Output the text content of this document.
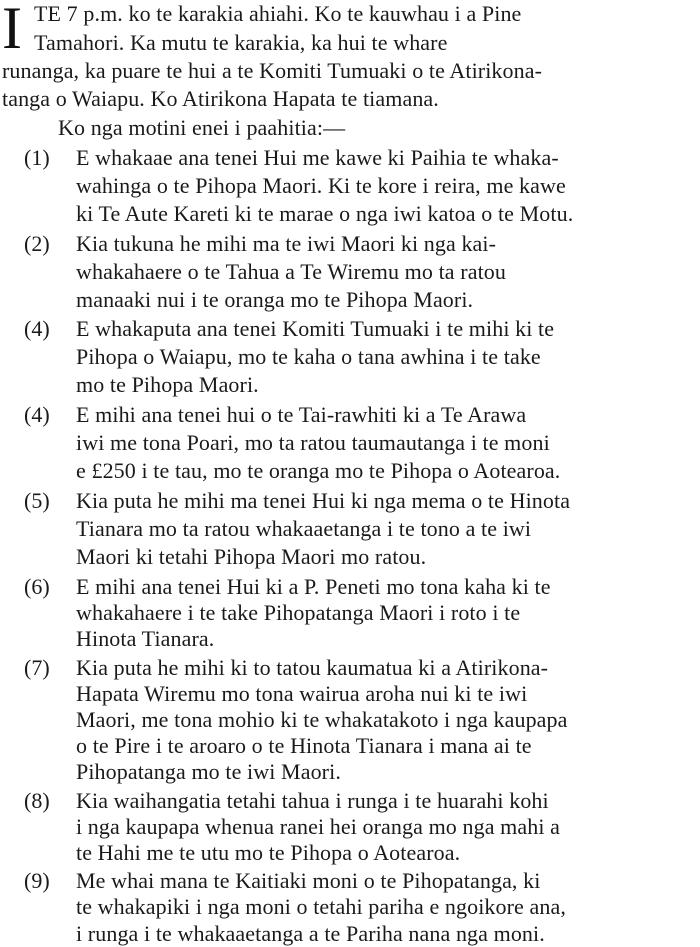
I TE 7 p.m. ko te karakia ahiahi. Ko te kauwhau i a Pine
Tamahori. Ka mutu te karakia, ka hui te whare
runanga, ka puare te hui a te Komiti Tumuaki o te Atirikona-
tanga o Waiapu. Ko Atirikona Hapata te tiamana.
Ko nga motini enei i paahitia:—
(1) E whakaae ana tenei Hui me kawe ki Paihia te whaka-
wahinga o te Pihopa Maori. Ki te kore i reira, me kawe
ki Te Aute Kareti ki te marae o nga iwi katoa o te Motu.
(2) Kia tukuna he mihi ma te iwi Maori ki nga kai-
whakahaere o te Tahua a Te Wiremu mo ta ratou
manaaki nui i te oranga mo te Pihopa Maori.
(4) E whakaputa ana tenei Komiti Tumuaki i te mihi ki te
Pihopa o Waiapu, mo te kaha o tana awhina i te take
mo te Pihopa Maori.
(4) E mihi ana tenei hui o te Tai-rawhiti ki a Te Arawa
iwi me tona Poari, mo ta ratou taumautanga i te moni
e £250 i te tau, mo te oranga mo te Pihopa o Aotearoa.
(5) Kia puta he mihi ma tenei Hui ki nga mema o te Hinota
Tianara mo ta ratou whakaaetanga i te tono a te iwi
Maori ki tetahi Pihopa Maori mo ratou.
(6) E mihi ana tenei Hui ki a P. Peneti mo tona kaha ki te
whakahaere i te take Pihopatanga Maori i roto i te
Hinota Tianara.
(7) Kia puta he mihi ki to tatou kaumatua ki a Atirikona-
Hapata Wiremu mo tona wairua aroha nui ki te iwi
Maori, me tona mohio ki te whakatakoto i nga kaupapa
o te Pire i te aroaro o te Hinota Tianara i mana ai te
Pihopatanga mo te iwi Maori.
(8) Kia waihangatia tetahi tahua i runga i te huarahi kohi
i nga kaupapa whenua ranei hei oranga mo nga mahi a
te Hahi me te utu mo te Pihopa o Aotearoa.
(9) Me whai mana te Kaitiaki moni o te Pihopatanga, ki
te whakapiki i nga moni o tetahi pariha e ngoikore ana,
i runga i te whakaaetanga a te Pariha nana nga moni.
